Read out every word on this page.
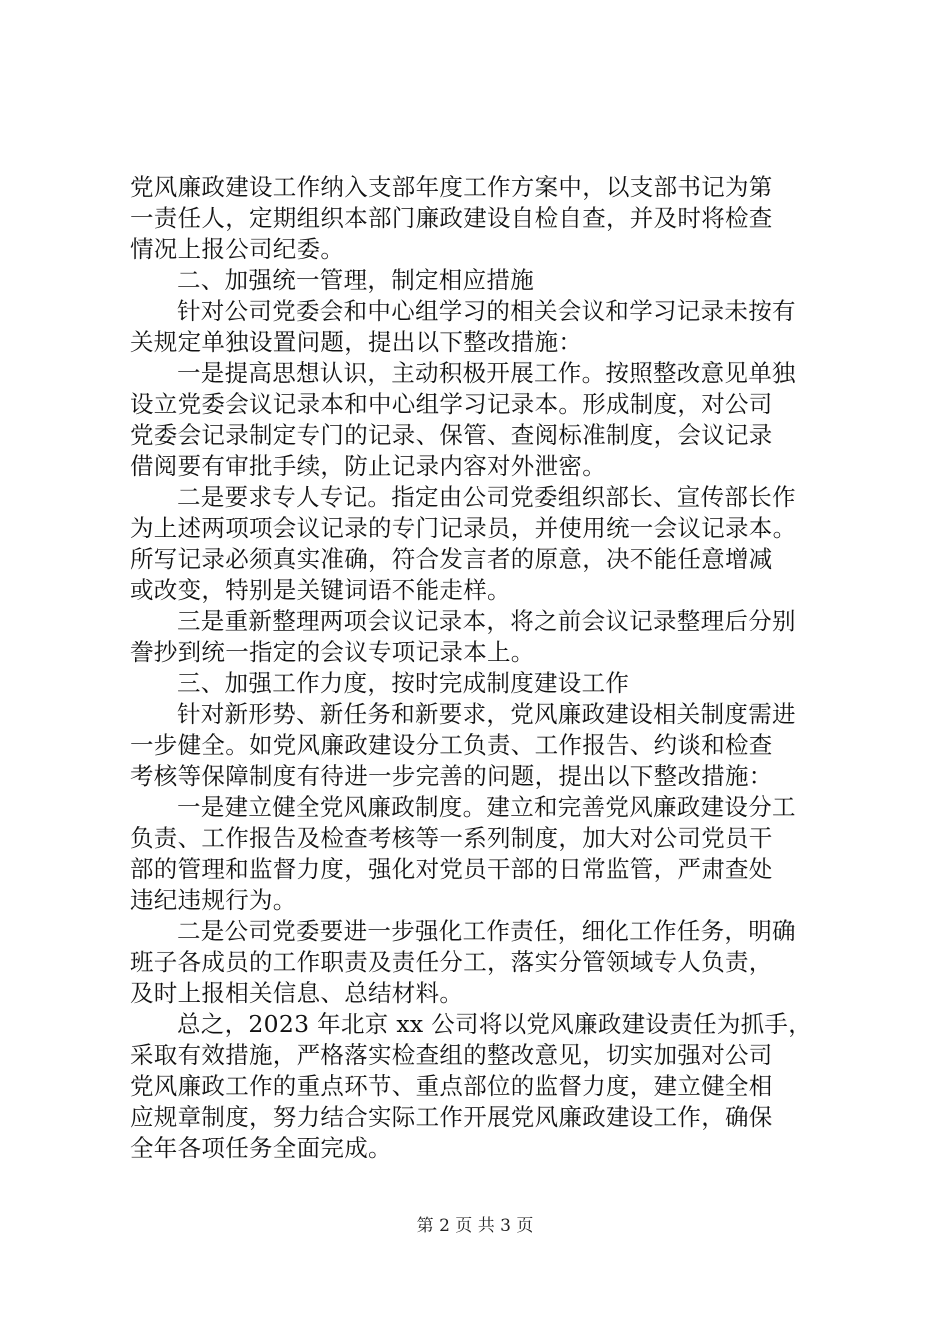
党风廉政建设工作纳入支部年度工作方案中，以支部书记为第
一责任人，定期组织本部门廉政建设自检自查，并及时将检查
情况上报公司纪委。
二、加强统一管理，制定相应措施
针对公司党委会和中心组学习的相关会议和学习记录未按有
关规定单独设置问题，提出以下整改措施：
一是提高思想认识，主动积极开展工作。按照整改意见单独
设立党委会议记录本和中心组学习记录本。形成制度，对公司
党委会记录制定专门的记录、保管、查阅标准制度，会议记录
借阅要有审批手续，防止记录内容对外泄密。
二是要求专人专记。指定由公司党委组织部长、宣传部长作
为上述两项项会议记录的专门记录员，并使用统一会议记录本。
所写记录必须真实准确，符合发言者的原意，决不能任意增减
或改变，特别是关键词语不能走样。
三是重新整理两项会议记录本，将之前会议记录整理后分别
誊抄到统一指定的会议专项记录本上。
三、加强工作力度，按时完成制度建设工作
针对新形势、新任务和新要求，党风廉政建设相关制度需进
一步健全。如党风廉政建设分工负责、工作报告、约谈和检查
考核等保障制度有待进一步完善的问题，提出以下整改措施：
一是建立健全党风廉政制度。建立和完善党风廉政建设分工
负责、工作报告及检查考核等一系列制度，加大对公司党员干
部的管理和监督力度，强化对党员干部的日常监管，严肃查处
违纪违规行为。
二是公司党委要进一步强化工作责任，细化工作任务，明确
班子各成员的工作职责及责任分工，落实分管领域专人负责，
及时上报相关信息、总结材料。
总之，2023 年北京 xx 公司将以党风廉政建设责任为抓手，
采取有效措施，严格落实检查组的整改意见，切实加强对公司
党风廉政工作的重点环节、重点部位的监督力度，建立健全相
应规章制度，努力结合实际工作开展党风廉政建设工作，确保
全年各项任务全面完成。
第 2 页 共 3 页
